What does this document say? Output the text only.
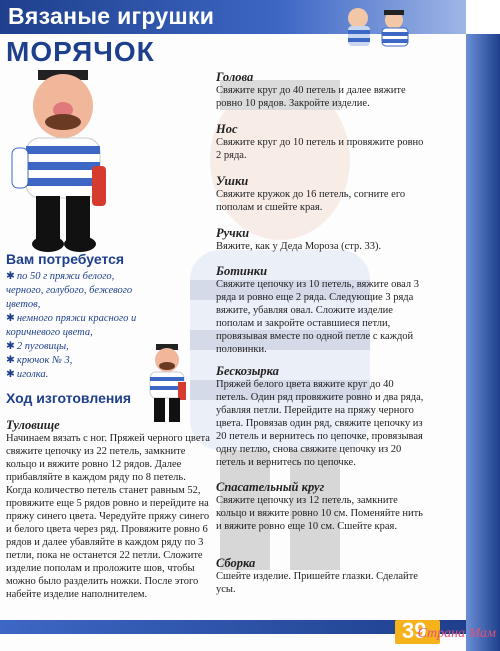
Вязаные игрушки
МОРЯЧОК
Вам потребуется
✱ по 50 г пряжи белого, черного, голубого, бежевого цветов,
✱ немного пряжи красного и коричневого цвета,
✱ 2 пуговицы,
✱ крючок № 3,
✱ иголка.
Ход изготовления
Туловище
Начинаем вязать с ног. Пряжей черного цвета свяжите цепочку из 22 петель, замкните кольцо и вяжите ровно 12 рядов. Далее прибавляйте в каждом ряду по 8 петель. Когда количество петель станет равным 52, провяжите еще 5 рядов ровно и перейдите на пряжу синего цвета. Чередуйте пряжу синего и белого цвета через ряд. Провяжите ровно 6 рядов и далее убавляйте в каждом ряду по 3 петли, пока не останется 22 петли. Сложите изделие пополам и проложите шов, чтобы можно было разделить ножки. После этого набейте изделие наполнителем.
Голова
Свяжите круг до 40 петель и далее вяжите ровно 10 рядов. Закройте изделие.
Нос
Свяжите круг до 10 петель и провяжите ровно 2 ряда.
Ушки
Свяжите кружок до 16 петель, согните его пополам и сшейте края.
Ручки
Вяжите, как у Деда Мороза (стр. 33).
Ботинки
Свяжите цепочку из 10 петель, вяжите овал 3 ряда и ровно еще 2 ряда. Следующие 3 ряда вяжите, убавляя овал. Сложите изделие пополам и закройте оставшиеся петли, провязывая вместе по одной петле с каждой половинки.
Бескозырка
Пряжей белого цвета вяжите круг до 40 петель. Один ряд провяжите ровно и два ряда, убавляя петли. Перейдите на пряжу черного цвета. Провязав один ряд, свяжите цепочку из 20 петель и вернитесь по цепочке, провязывая одну петлю, снова свяжите цепочку из 20 петель и вернитесь по цепочке.
Спасательный круг
Свяжите цепочку из 12 петель, замкните кольцо и вяжите ровно 10 см. Поменяйте нить и вяжите ровно еще 10 см. Сшейте края.
Сборка
Сшейте изделие. Пришейте глазки. Сделайте усы.
39
Страна Мам
